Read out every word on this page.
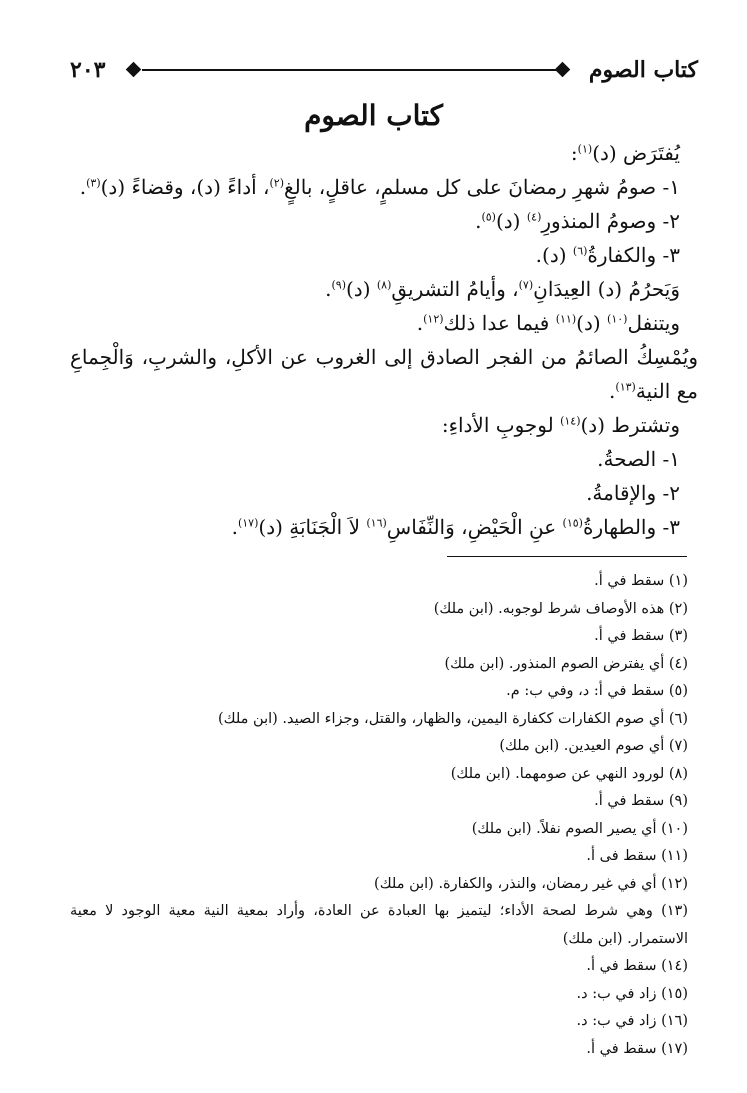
٢٠٣	كتاب الصوم
كتاب الصوم

يُفتَرَض (د)$^{(١)}$:

١- صومُ شهرِ رمضانَ على كل مسلمٍ، عاقلٍ، بالغٍ$^{(٢)}$، أداءً (د)، وقضاءً (د)$^{(٣)}$.

٢- وصومُ المنذورِ$^{(٤)}$ (د)$^{(٥)}$.

٣- والكفارةُ$^{(٦)}$ (د).

وَيَحرُمُ (د) العِيدَانِ$^{(٧)}$، وأيامُ التشريقِ$^{(٨)}$ (د)$^{(٩)}$.

ويتنفل$^{(١٠)}$ (د)$^{(١١)}$ فيما عدا ذلك$^{(١٢)}$.

ويُمْسِكُ الصائمُ من الفجر الصادق إلى الغروب عن الأكلِ، والشربِ، وَالْجِماعِ مع النية$^{(١٣)}$.

وتشترط (د)$^{(١٤)}$ لوجوبِ الأداءِ:

١- الصحةُ.

٢- والإقامةُ.

٣- والطهارةُ$^{(١٥)}$ عنِ الْحَيْضِ، وَالنِّفَاسِ$^{(١٦)}$ لاَ الْجَنَابَةِ (د)$^{(١٧)}$.

(١) سقط في أ.

(٢) هذه الأوصاف شرط لوجوبه. (ابن ملك)

(٣) سقط في أ.

(٤) أي يفترض الصوم المنذور. (ابن ملك)

(٥) سقط في أ: د، وفي ب: م.

(٦) أي صوم الكفارات ككفارة اليمين، والظهار، والقتل، وجزاء الصيد. (ابن ملك)

(٧) أي صوم العيدين. (ابن ملك)

(٨) لورود النهي عن صومهما. (ابن ملك)

(٩) سقط في أ.

(١٠) أي يصير الصوم نفلاً. (ابن ملك)

(١١) سقط فى أ.

(١٢) أي في غير رمضان، والنذر، والكفارة. (ابن ملك)

(١٣) وهي شرط لصحة الأداء؛ ليتميز بها العبادة عن العادة، وأراد بمعية النية معية الوجود لا معية الاستمرار. (ابن ملك)

(١٤) سقط في أ.

(١٥) زاد في ب: د.

(١٦) زاد في ب: د.

(١٧) سقط في أ.
